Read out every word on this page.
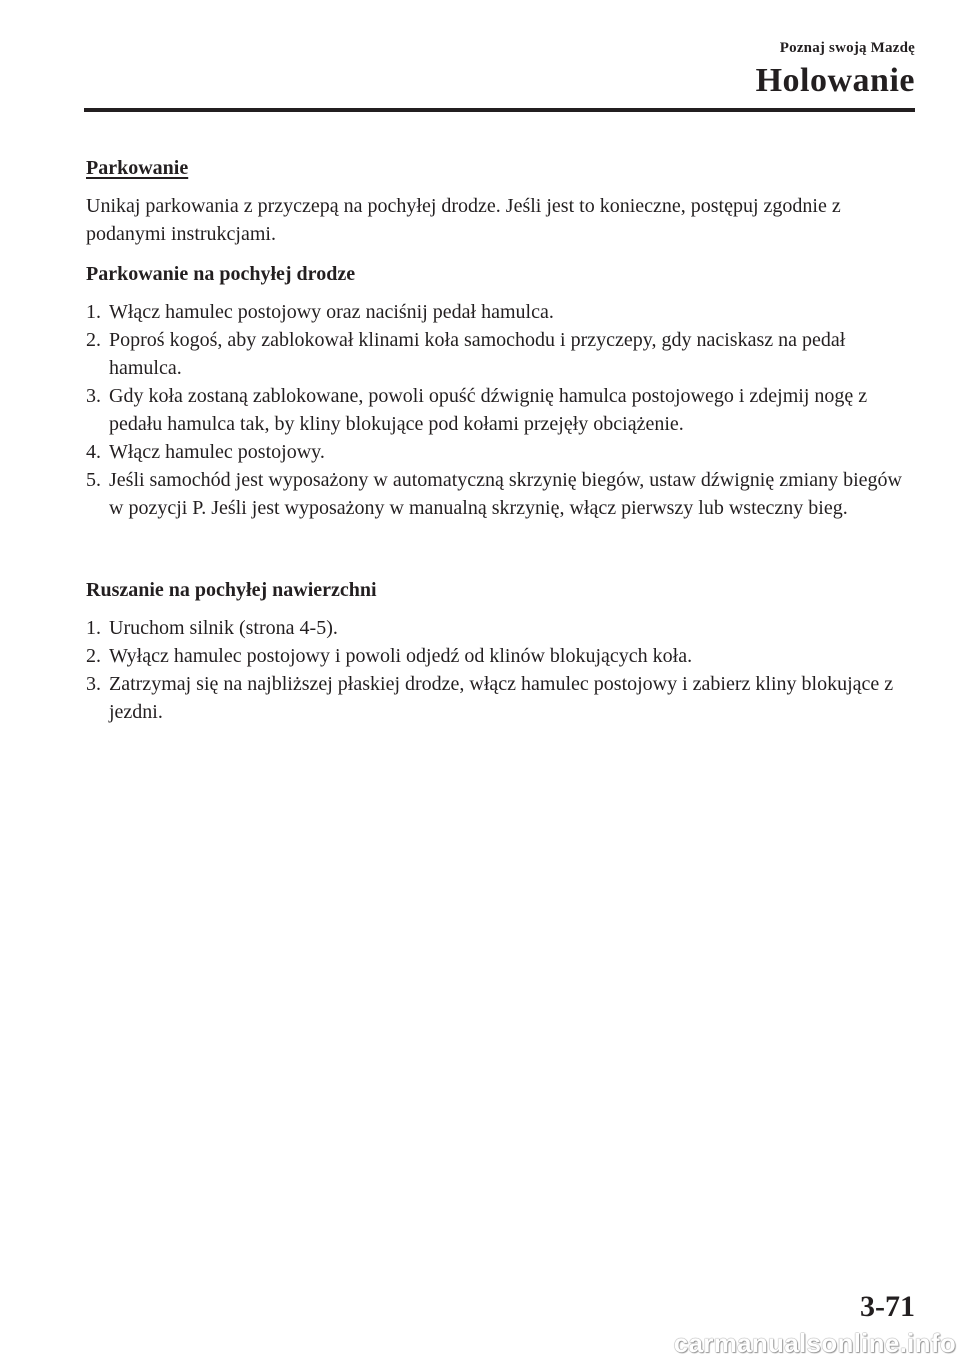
Poznaj swoją Mazdę
Holowanie
Parkowanie
Unikaj parkowania z przyczepą na pochyłej drodze. Jeśli jest to konieczne, postępuj zgodnie z podanymi instrukcjami.
Parkowanie na pochyłej drodze
1. Włącz hamulec postojowy oraz naciśnij pedał hamulca.
2. Poproś kogoś, aby zablokował klinami koła samochodu i przyczepy, gdy naciskasz na pedał hamulca.
3. Gdy koła zostaną zablokowane, powoli opuść dźwignię hamulca postojowego i zdejmij nogę z pedału hamulca tak, by kliny blokujące pod kołami przejęły obciążenie.
4. Włącz hamulec postojowy.
5. Jeśli samochód jest wyposażony w automatyczną skrzynię biegów, ustaw dźwignię zmiany biegów w pozycji P. Jeśli jest wyposażony w manualną skrzynię, włącz pierwszy lub wsteczny bieg.
Ruszanie na pochyłej nawierzchni
1. Uruchom silnik (strona 4-5).
2. Wyłącz hamulec postojowy i powoli odjedź od klinów blokujących koła.
3. Zatrzymaj się na najbliższej płaskiej drodze, włącz hamulec postojowy i zabierz kliny blokujące z jezdni.
3-71
carmanualsonline.info
